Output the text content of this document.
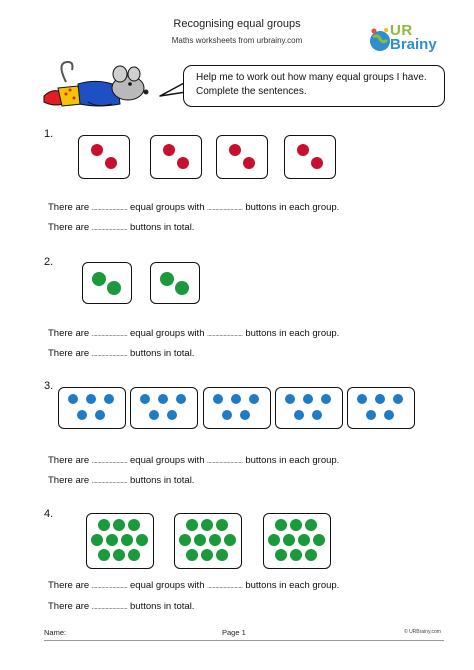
Recognising equal groups
Maths worksheets from urbrainy.com
UR
Brainy
Help me to work out how many equal groups I have.
Complete the sentences.
1.
There are .......................... equal groups with .......................... buttons in each group.
There are .......................... buttons in total.
2.
There are .......................... equal groups with .......................... buttons in each group.
There are .......................... buttons in total.
3.
There are .......................... equal groups with .......................... buttons in each group.
There are .......................... buttons in total.
4.
There are .......................... equal groups with .......................... buttons in each group.
There are .......................... buttons in total.
Name:	Page 1	© URBrainy.com
